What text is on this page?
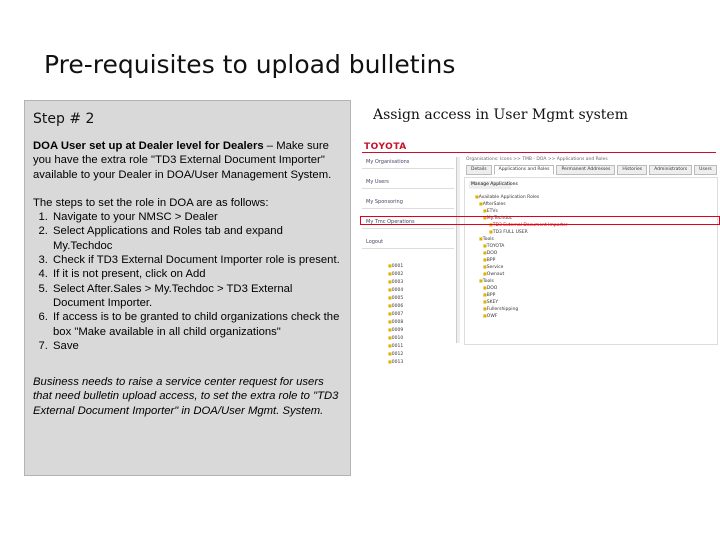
Pre-requisites to upload bulletins
Step # 2

DOA User set up at Dealer level for Dealers – Make sure you have the extra role "TD3 External Document Importer" available to your Dealer in DOA/User Management System.

The steps to set the role in DOA are as follows:

1. Navigate to your NMSC > Dealer
2. Select Applications and Roles tab and expand My.Techdoc
3. Check if TD3 External Document Importer role is present.
4. If it is not present, click on Add
5. Select After.Sales > My.Techdoc > TD3 External Document Importer.
6. If access is to be granted to child organizations check the box "Make available in all child organizations"
7. Save

Business needs to raise a service center request for users that need bulletin upload access, to set the extra role to "TD3 External Document Importer" in DOA/User Mgmt. System.

Assign access in User Mgmt system
TOYOTA
My Organisations
My Users
My Sponsoring
My Tmc Operations
Logout
Organisations: Icons >> TMB - DOA >> Applications and Roles
Details	Applications and Roles	Permanent Addresses	Histories	Administrators	Users
Manage Applications
■ Available Application Roles
■ AfterSales
■ ETVs
■ My.Techdoc
■ TD3 External Document Importer
■ TD3 FULL USER
■ Tools
■ TOYOTA
■ DOO
■ BPP
■ Service
■ Ownaut
■ Tools
■ DOO
■ BPP
■ SKEY
■ Fullershipping
■ OWF
■ 0001
■ 0002
■ 0003
■ 0004
■ 0005
■ 0006
■ 0007
■ 0008
■ 0009
■ 0010
■ 0011
■ 0012
■ 0013
